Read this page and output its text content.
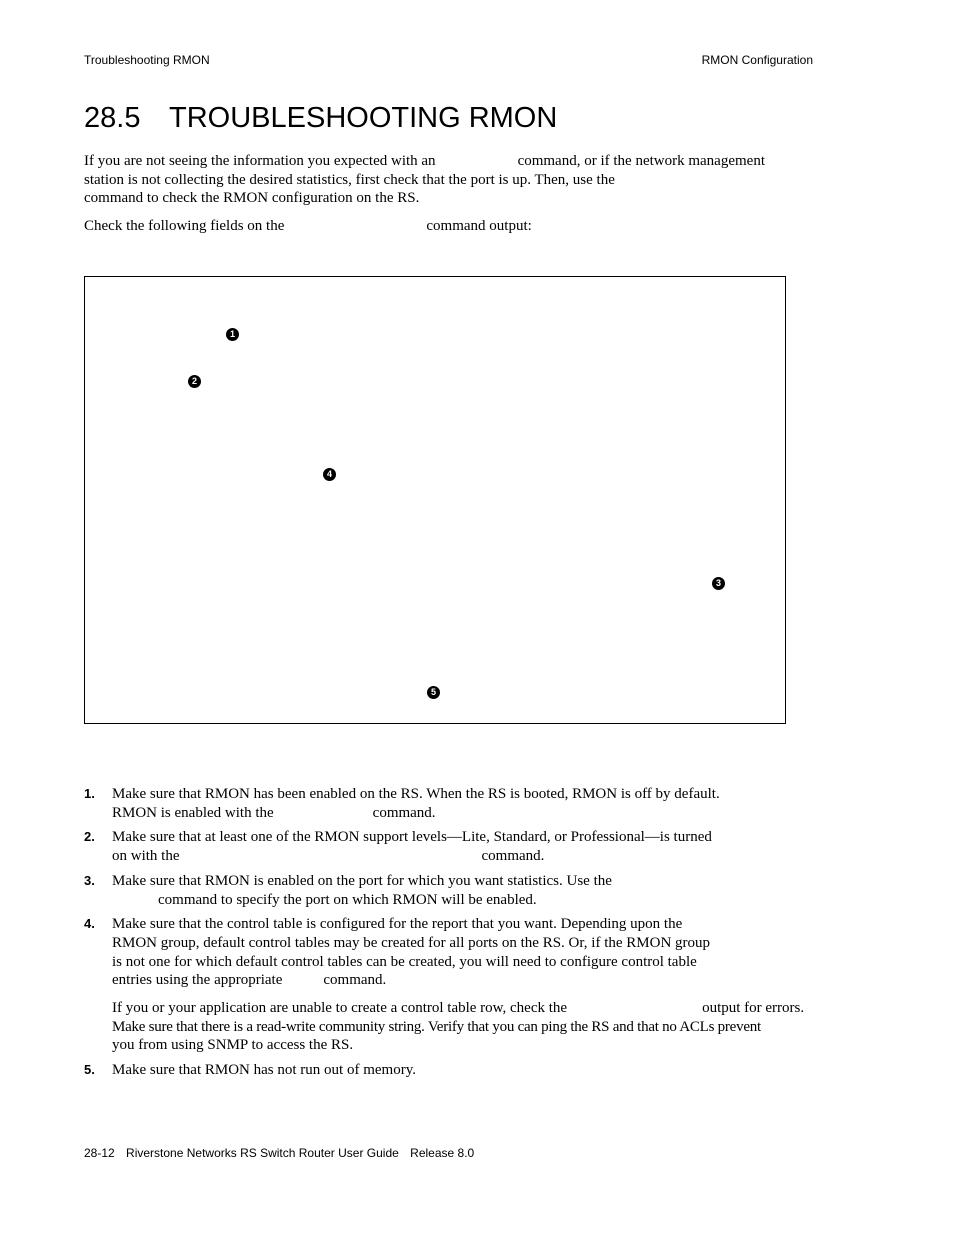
Troubleshooting RMON	RMON Configuration
28.5 TROUBLESHOOTING RMON
If you are not seeing the information you expected with an	command, or if the network management
station is not collecting the desired statistics, first check that the port is up. Then, use the
command to check the RMON configuration on the RS.
Check the following fields on the	command output:
1
2
3
4
5
1. Make sure that RMON has been enabled on the RS. When the RS is booted, RMON is off by default.
RMON is enabled with the	command.
2. Make sure that at least one of the RMON support levels—Lite, Standard, or Professional—is turned
on with the	command.
3. Make sure that RMON is enabled on the port for which you want statistics. Use the
command to specify the port on which RMON will be enabled.
4. Make sure that the control table is configured for the report that you want. Depending upon the
RMON group, default control tables may be created for all ports on the RS. Or, if the RMON group
is not one for which default control tables can be created, you will need to configure control table
entries using the appropriate	command.
If you or your application are unable to create a control table row, check the	output for errors.
Make sure that there is a read-write community string. Verify that you can ping the RS and that no ACLs prevent
you from using SNMP to access the RS.
5. Make sure that RMON has not run out of memory.
28-12 Riverstone Networks RS Switch Router User Guide Release 8.0
